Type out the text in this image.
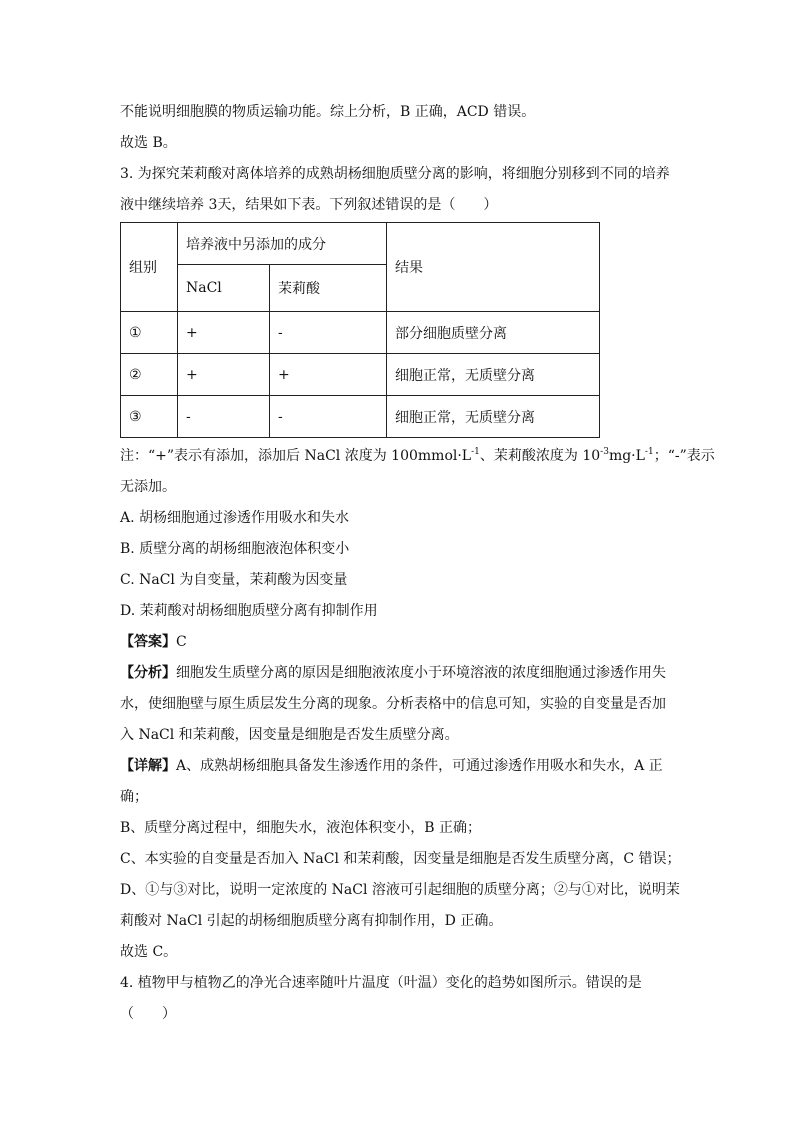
不能说明细胞膜的物质运输功能。综上分析，B 正确，ACD 错误。
故选 B。
3. 为探究茉莉酸对离体培养的成熟胡杨细胞质壁分离的影响，将细胞分别移到不同的培养
液中继续培养 3天，结果如下表。下列叙述错误的是（　　）
组别	培养液中另添加的成分		结果
	NaCl	茉莉酸	
①	+	-	部分细胞质壁分离
②	+	+	细胞正常，无质壁分离
③	-	-	细胞正常，无质壁分离
注：“+”表示有添加，添加后 NaCl 浓度为 $100mmol\cdot L^{-1}$、茉莉酸浓度为 $10^{-3}mg\cdot L^{-1}$；“-”表示
无添加。
A. 胡杨细胞通过渗透作用吸水和失水
B. 质壁分离的胡杨细胞液泡体积变小
C. NaCl 为自变量，茉莉酸为因变量
D. 茉莉酸对胡杨细胞质壁分离有抑制作用
【答案】C
【分析】细胞发生质壁分离的原因是细胞液浓度小于环境溶液的浓度细胞通过渗透作用失
水，使细胞壁与原生质层发生分离的现象。分析表格中的信息可知，实验的自变量是否加
入 NaCl 和茉莉酸，因变量是细胞是否发生质壁分离。
【详解】A、成熟胡杨细胞具备发生渗透作用的条件，可通过渗透作用吸水和失水，A 正
确；
B、质壁分离过程中，细胞失水，液泡体积变小，B 正确；
C、本实验的自变量是否加入 NaCl 和茉莉酸，因变量是细胞是否发生质壁分离，C 错误；
D、①与③对比，说明一定浓度的 NaCl 溶液可引起细胞的质壁分离；②与①对比，说明茉
莉酸对 NaCl 引起的胡杨细胞质壁分离有抑制作用，D 正确。
故选 C。
4. 植物甲与植物乙的净光合速率随叶片温度（叶温）变化的趋势如图所示。错误的是
（　　）
